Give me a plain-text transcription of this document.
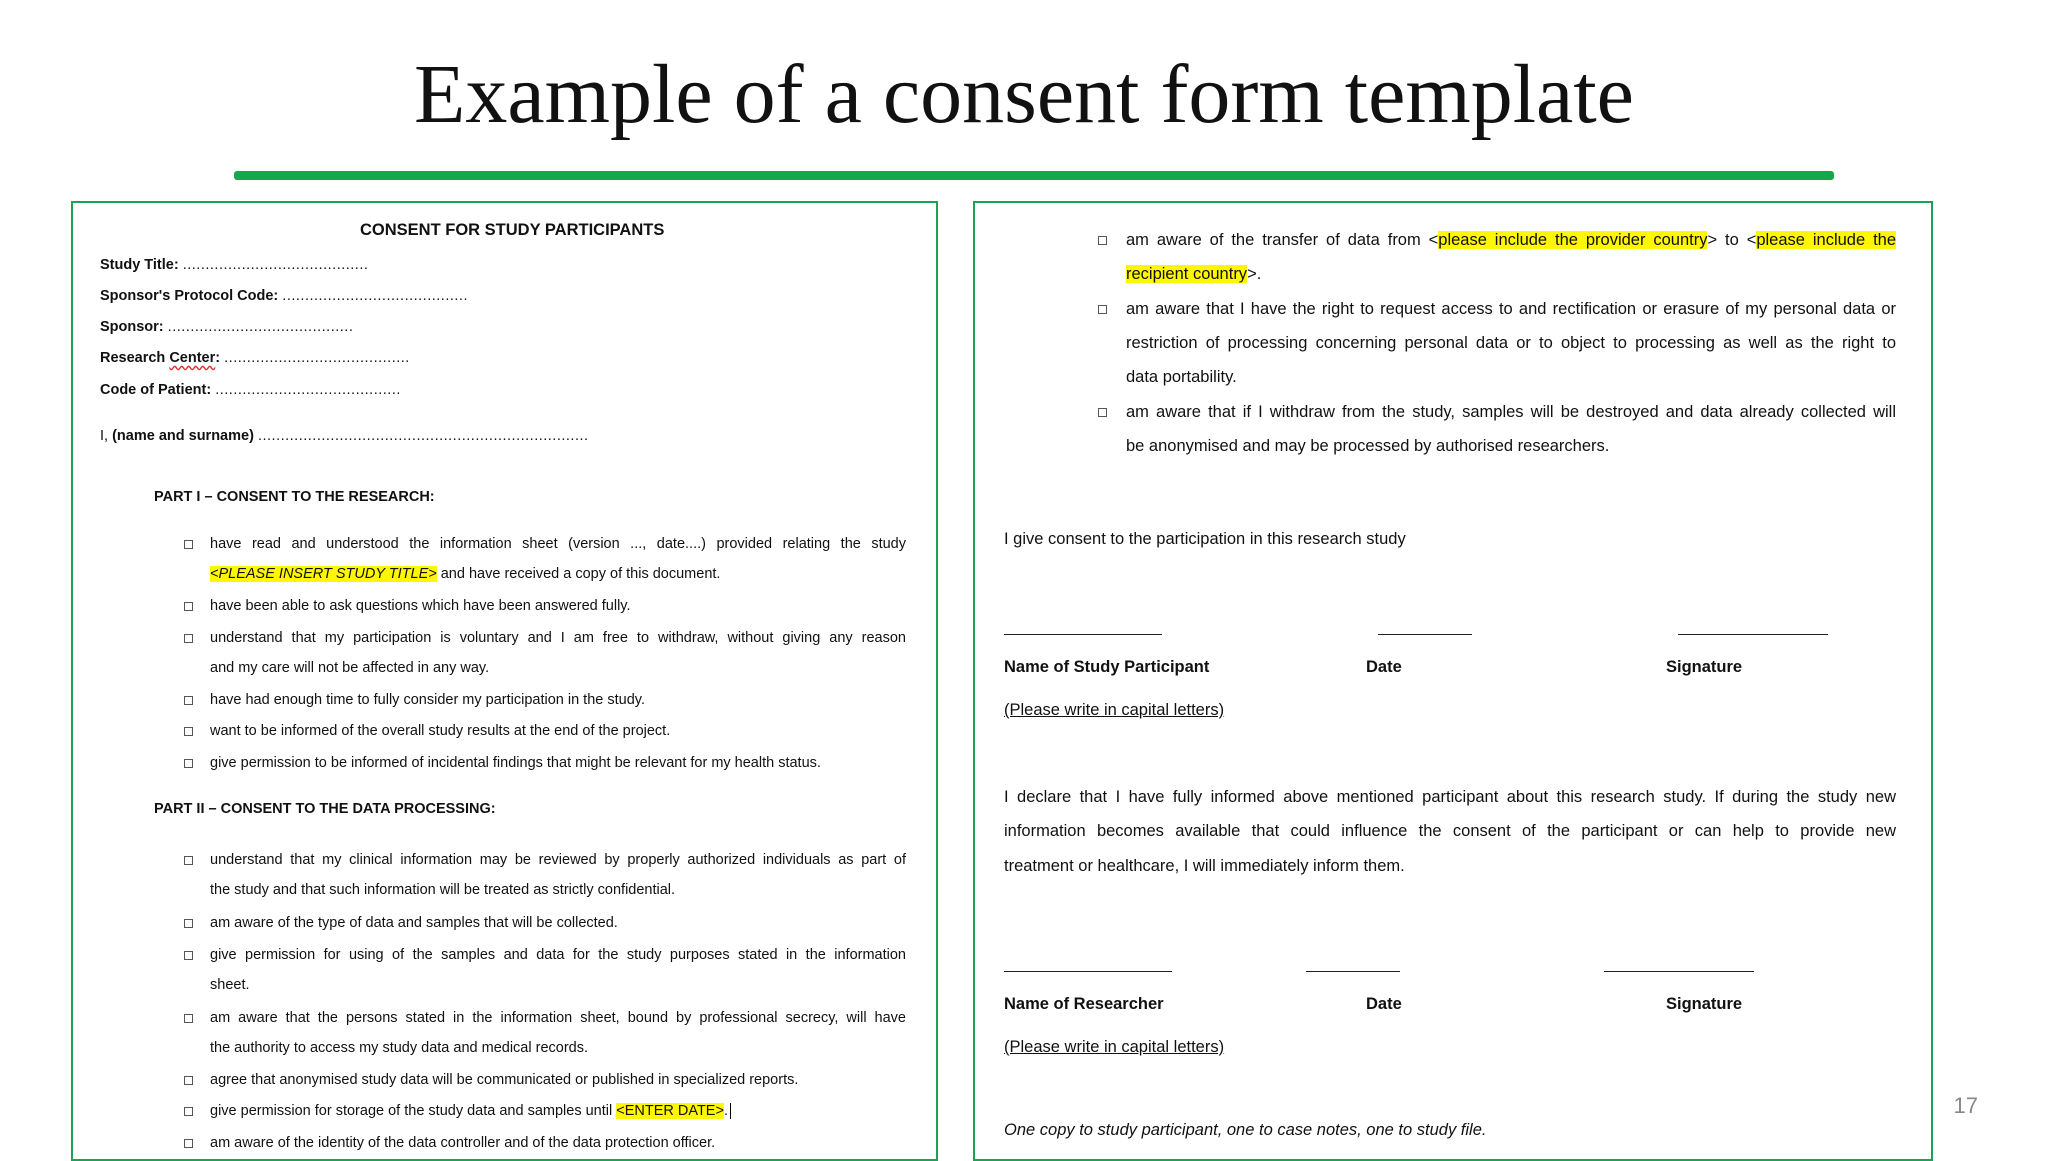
Example of a consent form template
CONSENT FOR STUDY PARTICIPANTS
Study Title: .........................................
Sponsor's Protocol Code: .........................................
Sponsor: .........................................
Research Center: .........................................
Code of Patient: .........................................
I, (name and surname) .........................................................................
PART I – CONSENT TO THE RESEARCH:
have read and understood the information sheet (version ..., date....) provided relating the study
<PLEASE INSERT STUDY TITLE> and have received a copy of this document.
have been able to ask questions which have been answered fully.
understand that my participation is voluntary and I am free to withdraw, without giving any reason
and my care will not be affected in any way.
have had enough time to fully consider my participation in the study.
want to be informed of the overall study results at the end of the project.
give permission to be informed of incidental findings that might be relevant for my health status.
PART II – CONSENT TO THE DATA PROCESSING:
understand that my clinical information may be reviewed by properly authorized individuals as part of
the study and that such information will be treated as strictly confidential.
am aware of the type of data and samples that will be collected.
give permission for using of the samples and data for the study purposes stated in the information
sheet.
am aware that the persons stated in the information sheet, bound by professional secrecy, will have
the authority to access my study data and medical records.
agree that anonymised study data will be communicated or published in specialized reports.
give permission for storage of the study data and samples until <ENTER DATE>.
am aware of the identity of the data controller and of the data protection officer.
am aware of the transfer of data from <please include the provider country> to <please include the
recipient country>.
am aware that I have the right to request access to and rectification or erasure of my personal data or
restriction of processing concerning personal data or to object to processing as well as the right to
data portability.
am aware that if I withdraw from the study, samples will be destroyed and data already collected will
be anonymised and may be processed by authorised researchers.
I give consent to the participation in this research study
Name of Study Participant	Date	Signature
(Please write in capital letters)
I declare that I have fully informed above mentioned participant about this research study. If during the study new
information becomes available that could influence the consent of the participant or can help to provide new
treatment or healthcare, I will immediately inform them.
Name of Researcher	Date	Signature
(Please write in capital letters)
One copy to study participant, one to case notes, one to study file.
17
